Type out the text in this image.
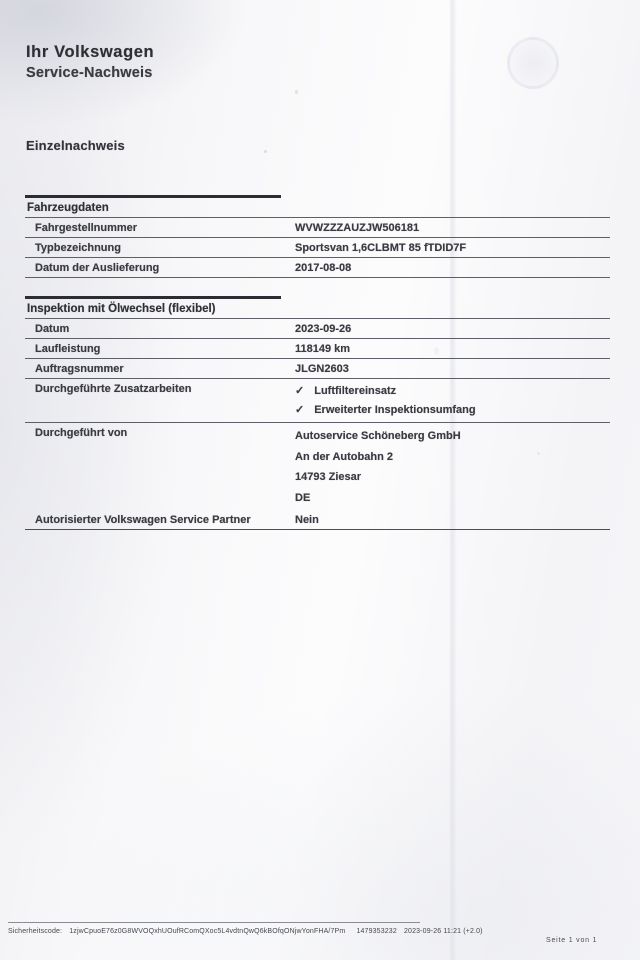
Ihr Volkswagen
Service-Nachweis
Einzelnachweis
Fahrzeugdaten
Fahrgestellnummer	WVWZZZAUZJW506181
Typbezeichnung	Sportsvan 1,6CLBMT 85 fTDID7F
Datum der Auslieferung	2017-08-08
Inspektion mit Ölwechsel (flexibel)
Datum	2023-09-26
Laufleistung	118149 km
Auftragsnummer	JLGN2603
Durchgeführte Zusatzarbeiten	✓ Luftfiltereinsatz
✓ Erweiterter Inspektionsumfang
Durchgeführt von	Autoservice Schöneberg GmbH
An der Autobahn 2
14793 Ziesar
DE
Autorisierter Volkswagen Service Partner	Nein
Sicherheitscode: 1zjwCpuoE76z0G8WVOQxhUOufRComQXoc5L4vdtnQwQ6kBOfqONjwYonFHA/7Pm 1479353232 2023-09-26 11:21 (+2.0)
Seite 1 von 1
